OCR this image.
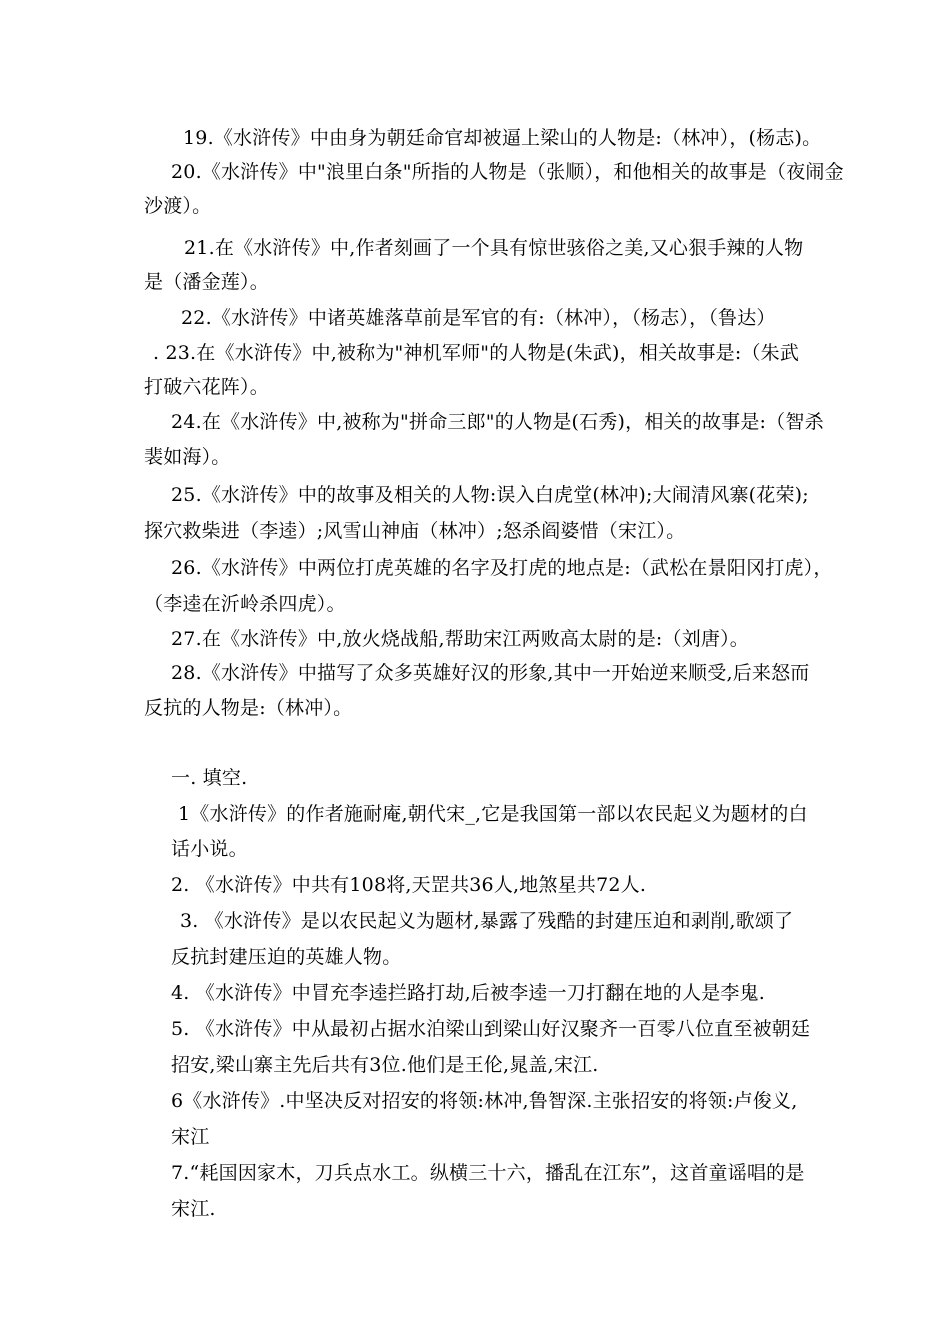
19.《水浒传》中由身为朝廷命官却被逼上梁山的人物是:（林冲），(杨志)。
20.《水浒传》中"浪里白条"所指的人物是（张顺），和他相关的故事是（夜闹金
沙渡）。
21.在《水浒传》中,作者刻画了一个具有惊世骇俗之美,又心狠手辣的人物
是（潘金莲）。
22.《水浒传》中诸英雄落草前是军官的有:（林冲），（杨志），（鲁达）
. 23.在《水浒传》中,被称为"神机军师"的人物是(朱武)，相关故事是:（朱武
打破六花阵）。
24.在《水浒传》中,被称为"拼命三郎"的人物是(石秀)，相关的故事是:（智杀
裴如海）。
25.《水浒传》中的故事及相关的人物:误入白虎堂(林冲);大闹清风寨(花荣);
探穴救柴进（李逵）;风雪山神庙（林冲）;怒杀阎婆惜（宋江）。
26.《水浒传》中两位打虎英雄的名字及打虎的地点是:（武松在景阳冈打虎），
（李逵在沂岭杀四虎）。
27.在《水浒传》中,放火烧战船,帮助宋江两败高太尉的是:（刘唐）。
28.《水浒传》中描写了众多英雄好汉的形象,其中一开始逆来顺受,后来怒而
反抗的人物是:（林冲）。
一. 填空.
1《水浒传》的作者施耐庵,朝代宋_,它是我国第一部以农民起义为题材的白
话小说。
2. 《水浒传》中共有108将,天罡共36人,地煞星共72人.
3. 《水浒传》是以农民起义为题材,暴露了残酷的封建压迫和剥削,歌颂了
反抗封建压迫的英雄人物。
4. 《水浒传》中冒充李逵拦路打劫,后被李逵一刀打翻在地的人是李鬼.
5. 《水浒传》中从最初占据水泊梁山到梁山好汉聚齐一百零八位直至被朝廷
招安,梁山寨主先后共有3位.他们是王伦,晁盖,宋江.
6《水浒传》.中坚决反对招安的将领:林冲,鲁智深.主张招安的将领:卢俊义,
宋江
7.“耗国因家木，刀兵点水工。纵横三十六，播乱在江东”，这首童谣唱的是
宋江.
